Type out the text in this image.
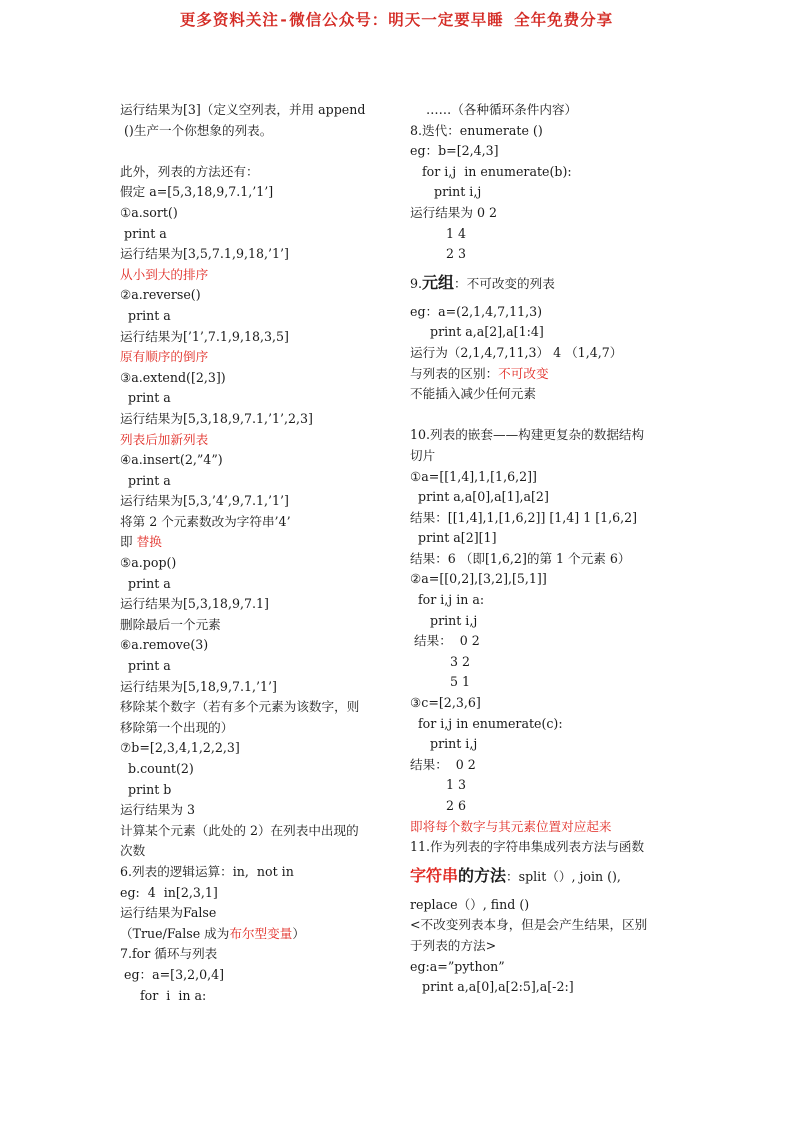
更多资料关注-微信公众号：明天一定要早睡 全年免费分享
运行结果为[3]（定义空列表，并用 append
()生产一个你想象的列表。
此外，列表的方法还有：
假定 a=[5,3,18,9,7.1,’1’]
①a.sort()
print a
运行结果为[3,5,7.1,9,18,’1’]
从小到大的排序
②a.reverse()
print a
运行结果为[’1’,7.1,9,18,3,5]
原有顺序的倒序
③a.extend([2,3])
print a
运行结果为[5,3,18,9,7.1,’1’,2,3]
列表后加新列表
④a.insert(2,”4”)
print a
运行结果为[5,3,’4’,9,7.1,’1’]
将第 2 个元素数改为字符串’4’
即 替换
⑤a.pop()
print a
运行结果为[5,3,18,9,7.1]
删除最后一个元素
⑥a.remove(3)
print a
运行结果为[5,18,9,7.1,’1’]
移除某个数字（若有多个元素为该数字，则
移除第一个出现的）
⑦b=[2,3,4,1,2,2,3]
b.count(2)
print b
运行结果为 3
计算某个元素（此处的 2）在列表中出现的
次数
6.列表的逻辑运算：in,  not in
eg:  4  in[2,3,1]
运行结果为False
（True/False 成为布尔型变量）
7.for 循环与列表
eg：a=[3,2,0,4]
for  i  in a:
……（各种循环条件内容）
8.迭代：enumerate ()
eg：b=[2,4,3]
for i,j  in enumerate(b):
print i,j
运行结果为 0 2
1 4
2 3
9.元组：不可改变的列表
eg：a=(2,1,4,7,11,3)
print a,a[2],a[1:4]
运行为（2,1,4,7,11,3） 4 （1,4,7）
与列表的区别：不可改变
不能插入减少任何元素
10.列表的嵌套——构建更复杂的数据结构
切片
①a=[[1,4],1,[1,6,2]]
print a,a[0],a[1],a[2]
结果：[[1,4],1,[1,6,2]] [1,4] 1 [1,6,2]
print a[2][1]
结果：6 （即[1,6,2]的第 1 个元素 6）
②a=[[0,2],[3,2],[5,1]]
for i,j in a:
print i,j
结果：  0 2
3 2
5 1
③c=[2,3,6]
for i,j in enumerate(c):
print i,j
结果：  0 2
1 3
2 6
即将每个数字与其元素位置对应起来
11.作为列表的字符串集成列表方法与函数
字符串的方法：split（）, join (),
replace（）, find ()
<不改变列表本身，但是会产生结果，区别
于列表的方法>
eg:a=”python”
print a,a[0],a[2:5],a[-2:]
